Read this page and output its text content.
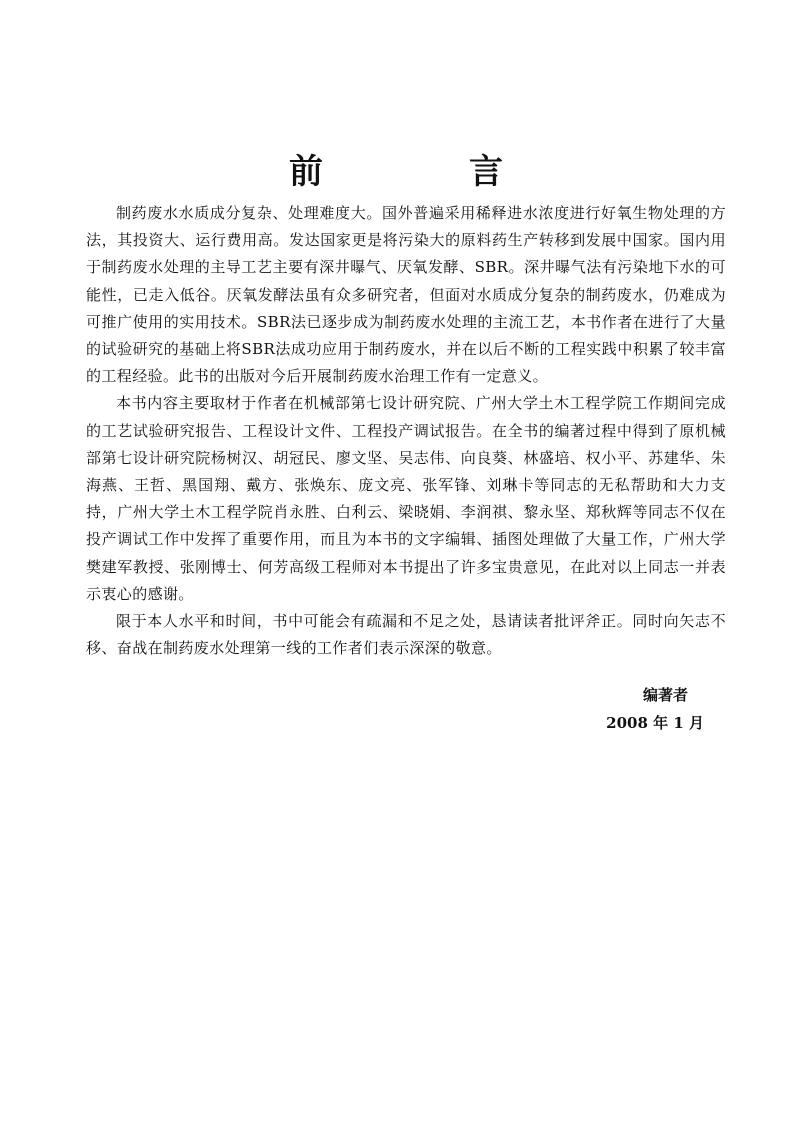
前　言

制药废水水质成分复杂、处理难度大。国外普遍采用稀释进水浓度进行好氧生物处理的方法，其投资大、运行费用高。发达国家更是将污染大的原料药生产转移到发展中国家。国内用于制药废水处理的主导工艺主要有深井曝气、厌氧发酵、SBR。深井曝气法有污染地下水的可能性，已走入低谷。厌氧发酵法虽有众多研究者，但面对水质成分复杂的制药废水，仍难成为可推广使用的实用技术。SBR法已逐步成为制药废水处理的主流工艺，本书作者在进行了大量的试验研究的基础上将SBR法成功应用于制药废水，并在以后不断的工程实践中积累了较丰富的工程经验。此书的出版对今后开展制药废水治理工作有一定意义。

本书内容主要取材于作者在机械部第七设计研究院、广州大学土木工程学院工作期间完成的工艺试验研究报告、工程设计文件、工程投产调试报告。在全书的编著过程中得到了原机械部第七设计研究院杨树汉、胡冠民、廖文坚、吴志伟、向良葵、林盛培、权小平、苏建华、朱海燕、王哲、黑国翔、戴方、张焕东、庞文亮、张军锋、刘琳卡等同志的无私帮助和大力支持，广州大学土木工程学院肖永胜、白利云、梁晓娟、李润祺、黎永坚、郑秋辉等同志不仅在投产调试工作中发挥了重要作用，而且为本书的文字编辑、插图处理做了大量工作，广州大学樊建军教授、张刚博士、何芳高级工程师对本书提出了许多宝贵意见，在此对以上同志一并表示衷心的感谢。

限于本人水平和时间，书中可能会有疏漏和不足之处，恳请读者批评斧正。同时向矢志不移、奋战在制药废水处理第一线的工作者们表示深深的敬意。

编著者
2008 年 1 月
